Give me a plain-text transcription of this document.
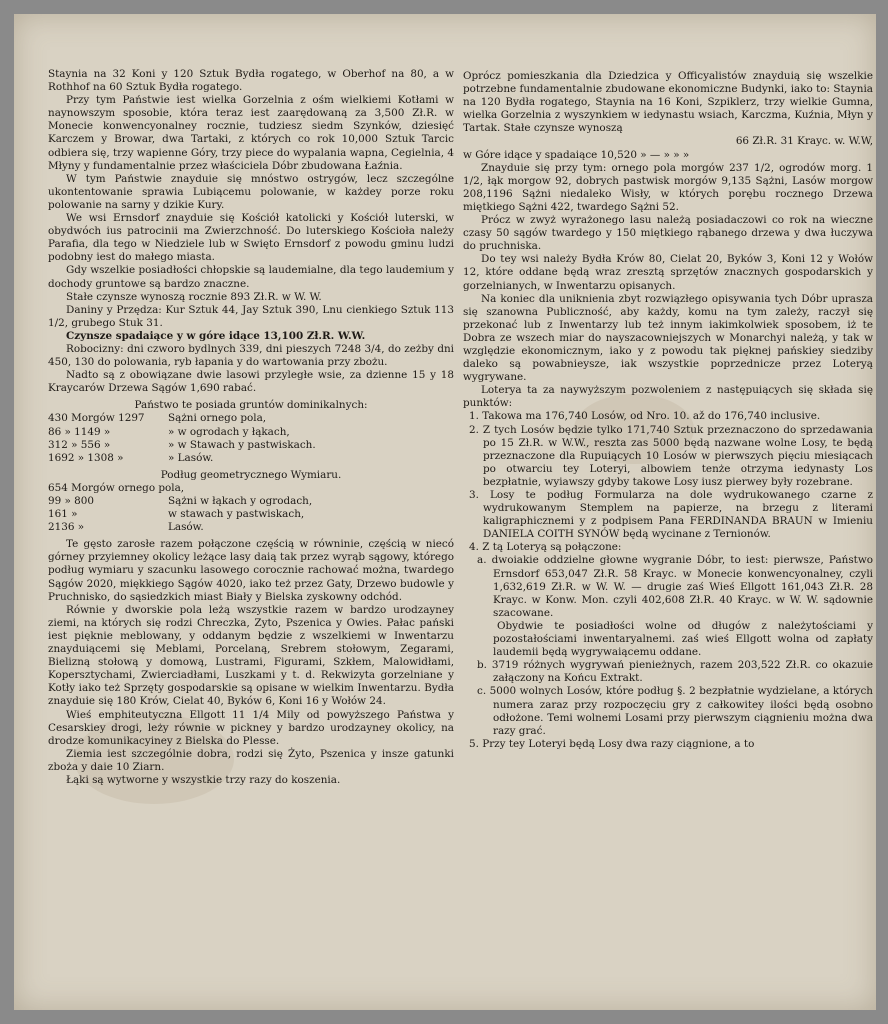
Staynia na 32 Koni y 120 Sztuk Bydła rogatego, w Oberhof na 80, a w Rothhof na 60 Sztuk Bydła rogatego.

Przy tym Państwie iest wielka Gorzelnia z ośm wielkiemi Kotłami w naynowszym sposobie, która teraz iest zaarędowaną za 3,500 Zł.R. w Monecie konwencyonalney rocznie, tudziesz siedm Szynków, dziesięć Karczem y Browar, dwa Tartaki, z których co rok 10,000 Sztuk Tarcic odbiera się, trzy wapienne Góry, trzy piece do wypalania wapna, Cegielnia, 4 Młyny y fundamentalnie przez właściciela Dóbr zbudowana Łaźnia.

W tym Państwie znayduie się mnóstwo ostrygów, lecz szczególne ukontentowanie sprawia Lubiącemu polowanie, w każdey porze roku polowanie na sarny y dzikie Kury.

We wsi Ernsdorf znayduie się Kościół katolicki y Kościół luterski, w obydwóch ius patrocinii ma Zwierzchność. Do luterskiego Kościoła należy Parafia, dla tego w Niedziele lub w Swięto Ernsdorf z powodu gminu ludzi podobny iest do małego miasta.

Gdy wszelkie posiadłości chłopskie są laudemialne, dla tego laudemium y dochody gruntowe są bardzo znaczne.

Stałe czynsze wynoszą rocznie 893 Zł.R. w W. W.

Daniny y Przędza: Kur Sztuk 44, Jay Sztuk 390, Lnu cienkiego Sztuk 113 1/2, grubego Stuk 31.

Czynsze spadaiące y w góre idące 13,100 Zł.R. W.W.

Robocizny: dni czworo bydlnych 339, dni pieszych 7248 3/4, do zeżby dni 450, 130 do polowania, ryb łapania y do wartowania przy zbożu.

Nadto są z obowiązane dwie lasowi przyległe wsie, za dzienne 15 y 18 Kraycarów Drzewa Sągów 1,690 rabać.

Państwo te posiada gruntów dominikalnych:

430 Morgów 1297	Sążni ornego pola,
86 » 1149 »	» w ogrodach y łąkach,
312 » 556 »	» w Stawach y pastwiskach.
1692 » 1308 »	» Lasów.

Podług geometrycznego Wymiaru.

654 Morgów ornego pola,
99 » 800	Sążni w łąkach y ogrodach,
161 »	w stawach y pastwiskach,
2136 »	Lasów.

Te gęsto zarosłe razem połączone częścią w równinie, częścią w niecó górney przyiemney okolicy leżące lasy daią tak przez wyrąb sągowy, którego podług wymiaru y szacunku lasowego corocznie rachować można, twardego Sągów 2020, miękkiego Sągów 4020, iako też przez Gaty, Drzewo budowle y Pruchnisko, do sąsiedzkich miast Biały y Bielska zyskowny odchód.

Równie y dworskie pola leżą wszystkie razem w bardzo urodzayney ziemi, na których się rodzi Chreczka, Zyto, Pszenica y Owies. Pałac pański iest pięknie meblowany, y oddanym będzie z wszelkiemi w Inwentarzu znayduiącemi się Meblami, Porcelaną, Srebrem stołowym, Zegarami, Bielizną stołową y domową, Lustrami, Figurami, Szkłem, Malowidłami, Kopersztychami, Zwierciadłami, Luszkami y t. d. Rekwizyta gorzelniane y Kotły iako też Sprzęty gospodarskie są opisane w wielkim Inwentarzu. Bydła znayduie się 180 Krów, Cielat 40, Byków 6, Koni 16 y Wołów 24.

Wieś emphiteutyczna Ellgott 11 1/4 Mily od powyższego Państwa y Cesarskiey drogi, leży równie w pickney y bardzo urodzayney okolicy, na drodze komunikacyiney z Bielska do Plesse.

Ziemia iest szczególnie dobra, rodzi się Żyto, Pszenica y insze gatunki zboża y daie 10 Ziarn.

Łąki są wytworne y wszystkie trzy razy do koszenia.

Oprócz pomieszkania dla Dziedzica y Officyalistów znayduią się wszelkie potrzebne fundamentalnie zbudowane ekonomiczne Budynki, iako to: Staynia na 120 Bydła rogatego, Staynia na 16 Koni, Szpiklerz, trzy wielkie Gumna, wielka Gorzelnia z wyszynkiem w iedynastu wsiach, Karczma, Kuźnia, Młyn y Tartak. Stałe czynsze wynoszą

66 Zł.R. 31 Krayc. w. W.W,

w Góre idące y spadaiące 10,520 » — » » »

Znayduie się przy tym: ornego pola morgów 237 1/2, ogrodów morg. 1 1/2, łąk morgow 92, dobrych pastwisk morgów 9,135 Sążni, Lasów morgow 208,1196 Sążni niedaleko Wisły, w których porębu rocznego Drzewa miętkiego Sążni 422, twardego Sążni 52.

Prócz w zwyż wyrażonego lasu należą posiadaczowi co rok na wieczne czasy 50 sągów twardego y 150 miętkiego rąbanego drzewa y dwa łuczywa do pruchniska.

Do tey wsi należy Bydła Krów 80, Cielat 20, Byków 3, Koni 12 y Wołów 12, które oddane będą wraz zresztą sprzętów znacznych gospodarskich y gorzelnianych, w Inwentarzu opisanych.

Na koniec dla uniknienia zbyt rozwiązłego opisywania tych Dóbr uprasza się szanowna Publiczność, aby każdy, komu na tym zależy, raczył się przekonać lub z Inwentarzy lub też innym iakimkolwiek sposobem, iż te Dobra ze wszech miar do nayszacowniejszych w Monarchyi należą, y tak w względzie ekonomicznym, iako y z powodu tak pięknej pańskiey siedziby daleko są powabnieysze, iak wszystkie poprzednicze przez Loteryą wygrywane.

Loterya ta za naywyższym pozwoleniem z następuiących się składa się punktów:

1. Takowa ma 176,740 Losów, od Nro. 10. až do 176,740 inclusive.

2. Z tych Losów będzie tylko 171,740 Sztuk przeznaczono do sprzedawania po 15 Zł.R. w W.W., reszta zas 5000 będą nazwane wolne Losy, te będą przeznaczone dla Rupuiących 10 Losów w pierwszych pięciu miesiącach po otwarciu tey Loteryi, albowiem tenże otrzyma iedynasty Los bezpłatnie, wyiawszy gdyby takowe Losy iusz pierwey były rozebrane.

3. Losy te podług Formularza na dole wydrukowanego czarne z wydrukowanym Stemplem na papierze, na brzegu z literami kaligraphicznemi y z podpisem Pana FERDINANDA BRAUN w Imieniu DANIELA COITH SYNÓW będą wycinane z Ternionów.

4. Z tą Loteryą są połączone:

a. dwoiakie oddzielne głowne wygranie Dóbr, to iest: pierwsze, Państwo Ernsdorf 653,047 Zł.R. 58 Krayc. w Monecie konwencyonalney, czyli 1,632,619 Zł.R. w W. W. — drugie zaś Wieś Ellgott 161,043 Zł.R. 28 Krayc. w Konw. Mon. czyli 402,608 Zł.R. 40 Krayc. w W. W. sądownie szacowane.

Obydwie te posiadłości wolne od długów z należytościami y pozostałościami inwentaryalnemi. zaś wieś Ellgott wolna od zapłaty laudemii będą wygrywaiącemu oddane.

b. 3719 różnych wygrywań pienieżnych, razem 203,522 Zł.R. co okazuie załączony na Końcu Extrakt.

c. 5000 wolnych Losów, które podług §. 2 bezpłatnie wydzielane, a których numera zaraz przy rozpoczęciu gry z całkowitey ilości będą osobno odłożone. Temi wolnemi Losami przy pierwszym ciągnieniu można dwa razy grać.

5. Przy tey Loteryi będą Losy dwa razy ciągnione, a to
